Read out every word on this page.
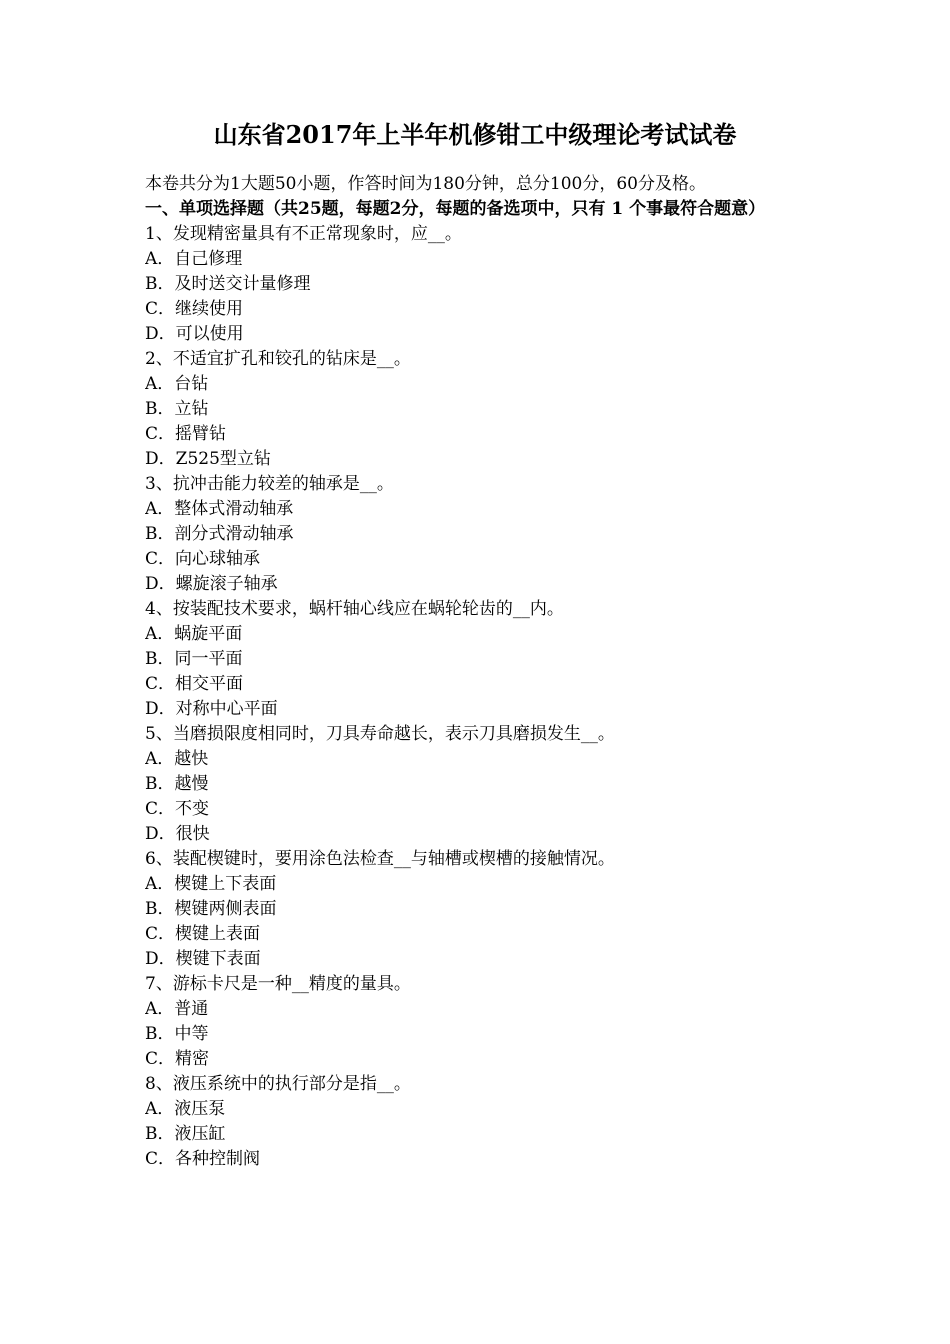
山东省2017年上半年机修钳工中级理论考试试卷
本卷共分为1大题50小题，作答时间为180分钟，总分100分，60分及格。
一、单项选择题（共25题，每题2分，每题的备选项中，只有 1 个事最符合题意）
1、发现精密量具有不正常现象时，应__。
A．自己修理
B．及时送交计量修理
C．继续使用
D．可以使用
2、不适宜扩孔和铰孔的钻床是__。
A．台钻
B．立钻
C．摇臂钻
D．Z525型立钻
3、抗冲击能力较差的轴承是__。
A．整体式滑动轴承
B．剖分式滑动轴承
C．向心球轴承
D．螺旋滚子轴承
4、按装配技术要求，蜗杆轴心线应在蜗轮轮齿的__内。
A．蜗旋平面
B．同一平面
C．相交平面
D．对称中心平面
5、当磨损限度相同时，刀具寿命越长，表示刀具磨损发生__。
A．越快
B．越慢
C．不变
D．很快
6、装配楔键时，要用涂色法检查__与轴槽或楔槽的接触情况。
A．楔键上下表面
B．楔键两侧表面
C．楔键上表面
D．楔键下表面
7、游标卡尺是一种__精度的量具。
A．普通
B．中等
C．精密
8、液压系统中的执行部分是指__。
A．液压泵
B．液压缸
C．各种控制阀
